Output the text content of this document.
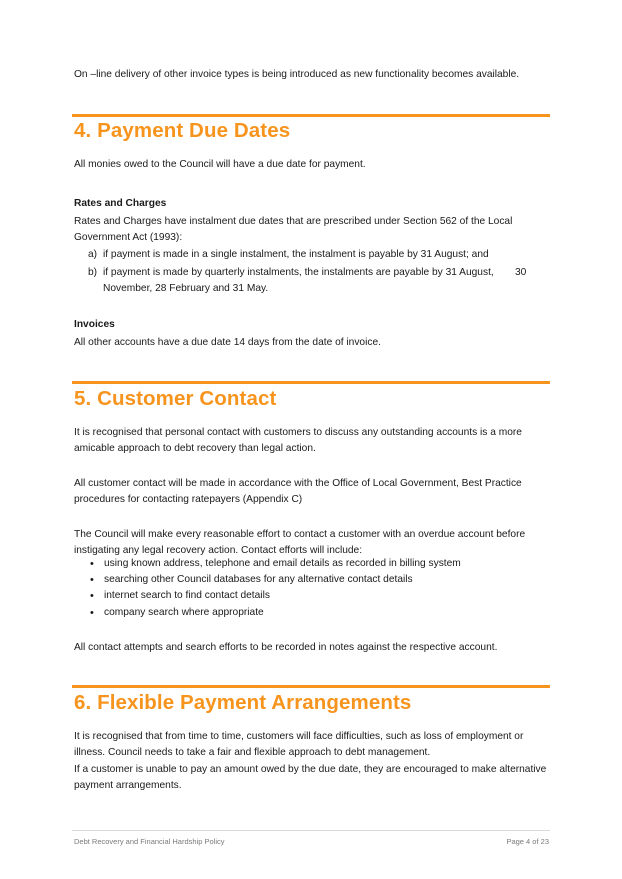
On –line delivery of other invoice types is being introduced as new functionality becomes available.

4. Payment Due Dates

All monies owed to the Council will have a due date for payment.

Rates and Charges

Rates and Charges have instalment due dates that are prescribed under Section 562 of the Local Government Act (1993):

a) if payment is made in a single instalment, the instalment is payable by 31 August; and
b) if payment is made by quarterly instalments, the instalments are payable by 31 August, November, 28 February and 31 May.
30

Invoices

All other accounts have a due date 14 days from the date of invoice.

5. Customer Contact

It is recognised that personal contact with customers to discuss any outstanding accounts is a more amicable approach to debt recovery than legal action.

All customer contact will be made in accordance with the Office of Local Government, Best Practice procedures for contacting ratepayers (Appendix C)

The Council will make every reasonable effort to contact a customer with an overdue account before instigating any legal recovery action. Contact efforts will include:

• using known address, telephone and email details as recorded in billing system
• searching other Council databases for any alternative contact details
• internet search to find contact details
• company search where appropriate

All contact attempts and search efforts to be recorded in notes against the respective account.

6. Flexible Payment Arrangements

It is recognised that from time to time, customers will face difficulties, such as loss of employment or illness. Council needs to take a fair and flexible approach to debt management.

If a customer is unable to pay an amount owed by the due date, they are encouraged to make alternative payment arrangements.

Debt Recovery and Financial Hardship Policy	Page 4 of 23
